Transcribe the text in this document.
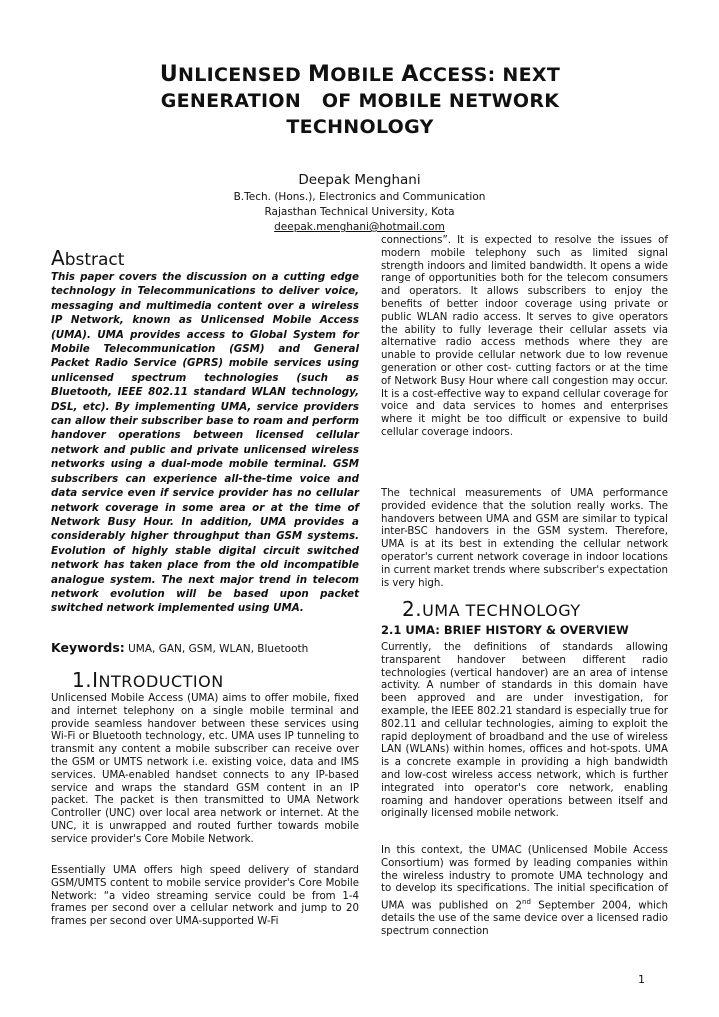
UNLICENSED MOBILE ACCESS: NEXT
GENERATION   OF MOBILE NETWORK
TECHNOLOGY
Deepak Menghani
B.Tech. (Hons.), Electronics and Communication
Rajasthan Technical University, Kota
deepak.menghani@hotmail.com
Abstract
This paper covers the discussion on a cutting edge technology in Telecommunications to deliver voice, messaging and multimedia content over a wireless IP Network, known as Unlicensed Mobile Access (UMA). UMA provides access to Global System for Mobile Telecommunication (GSM) and General Packet Radio Service (GPRS) mobile services using unlicensed spectrum technologies (such as Bluetooth, IEEE 802.11 standard WLAN technology, DSL, etc). By implementing UMA, service providers can allow their subscriber base to roam and perform handover operations between licensed cellular network and public and private unlicensed wireless networks using a dual-mode mobile terminal. GSM subscribers can experience all-the-time voice and data service even if service provider has no cellular network coverage in some area or at the time of Network Busy Hour. In addition, UMA provides a considerably higher throughput than GSM systems. Evolution of highly stable digital circuit switched network has taken place from the old incompatible analogue system. The next major trend in telecom network evolution will be based upon packet switched network implemented using UMA.
Keywords: UMA, GAN, GSM, WLAN, Bluetooth
1.INTRODUCTION
Unlicensed Mobile Access (UMA) aims to offer mobile, fixed and internet telephony on a single mobile terminal and provide seamless handover between these services using Wi-Fi or Bluetooth technology, etc. UMA uses IP tunneling to transmit any content a mobile subscriber can receive over the GSM or UMTS network i.e. existing voice, data and IMS services. UMA-enabled handset connects to any IP-based service and wraps the standard GSM content in an IP packet. The packet is then transmitted to UMA Network Controller (UNC) over local area network or internet. At the UNC, it is unwrapped and routed further towards mobile service provider's Core Mobile Network.
Essentially UMA offers high speed delivery of standard GSM/UMTS content to mobile service provider's Core Mobile Network: “a video streaming service could be from 1-4 frames per second over a cellular network and jump to 20 frames per second over UMA-supported W-Fi
connections”. It is expected to resolve the issues of modern mobile telephony such as limited signal strength indoors and limited bandwidth. It opens a wide range of opportunities both for the telecom consumers and operators. It allows subscribers to enjoy the benefits of better indoor coverage using private or public WLAN radio access. It serves to give operators the ability to fully leverage their cellular assets via alternative radio access methods where they are unable to provide cellular network due to low revenue generation or other cost- cutting factors or at the time of Network Busy Hour where call congestion may occur. It is a cost-effective way to expand cellular coverage for voice and data services to homes and enterprises where it might be too difficult or expensive to build cellular coverage indoors.
The technical measurements of UMA performance provided evidence that the solution really works. The handovers between UMA and GSM are similar to typical inter-BSC handovers in the GSM system. Therefore, UMA is at its best in extending the cellular network operator's current network coverage in indoor locations in current market trends where subscriber's expectation is very high.
2.UMA TECHNOLOGY
2.1 UMA: BRIEF HISTORY & OVERVIEW
Currently, the definitions of standards allowing transparent handover between different radio technologies (vertical handover) are an area of intense activity. A number of standards in this domain have been approved and are under investigation, for example, the IEEE 802.21 standard is especially true for 802.11 and cellular technologies, aiming to exploit the rapid deployment of broadband and the use of wireless LAN (WLANs) within homes, offices and hot-spots. UMA is a concrete example in providing a high bandwidth and low-cost wireless access network, which is further integrated into operator's core network, enabling roaming and handover operations between itself and originally licensed mobile network.
In this context, the UMAC (Unlicensed Mobile Access Consortium) was formed by leading companies within the wireless industry to promote UMA technology and to develop its specifications. The initial specification of UMA was published on 2nd September 2004, which details the use of the same device over a licensed radio spectrum connection
1
